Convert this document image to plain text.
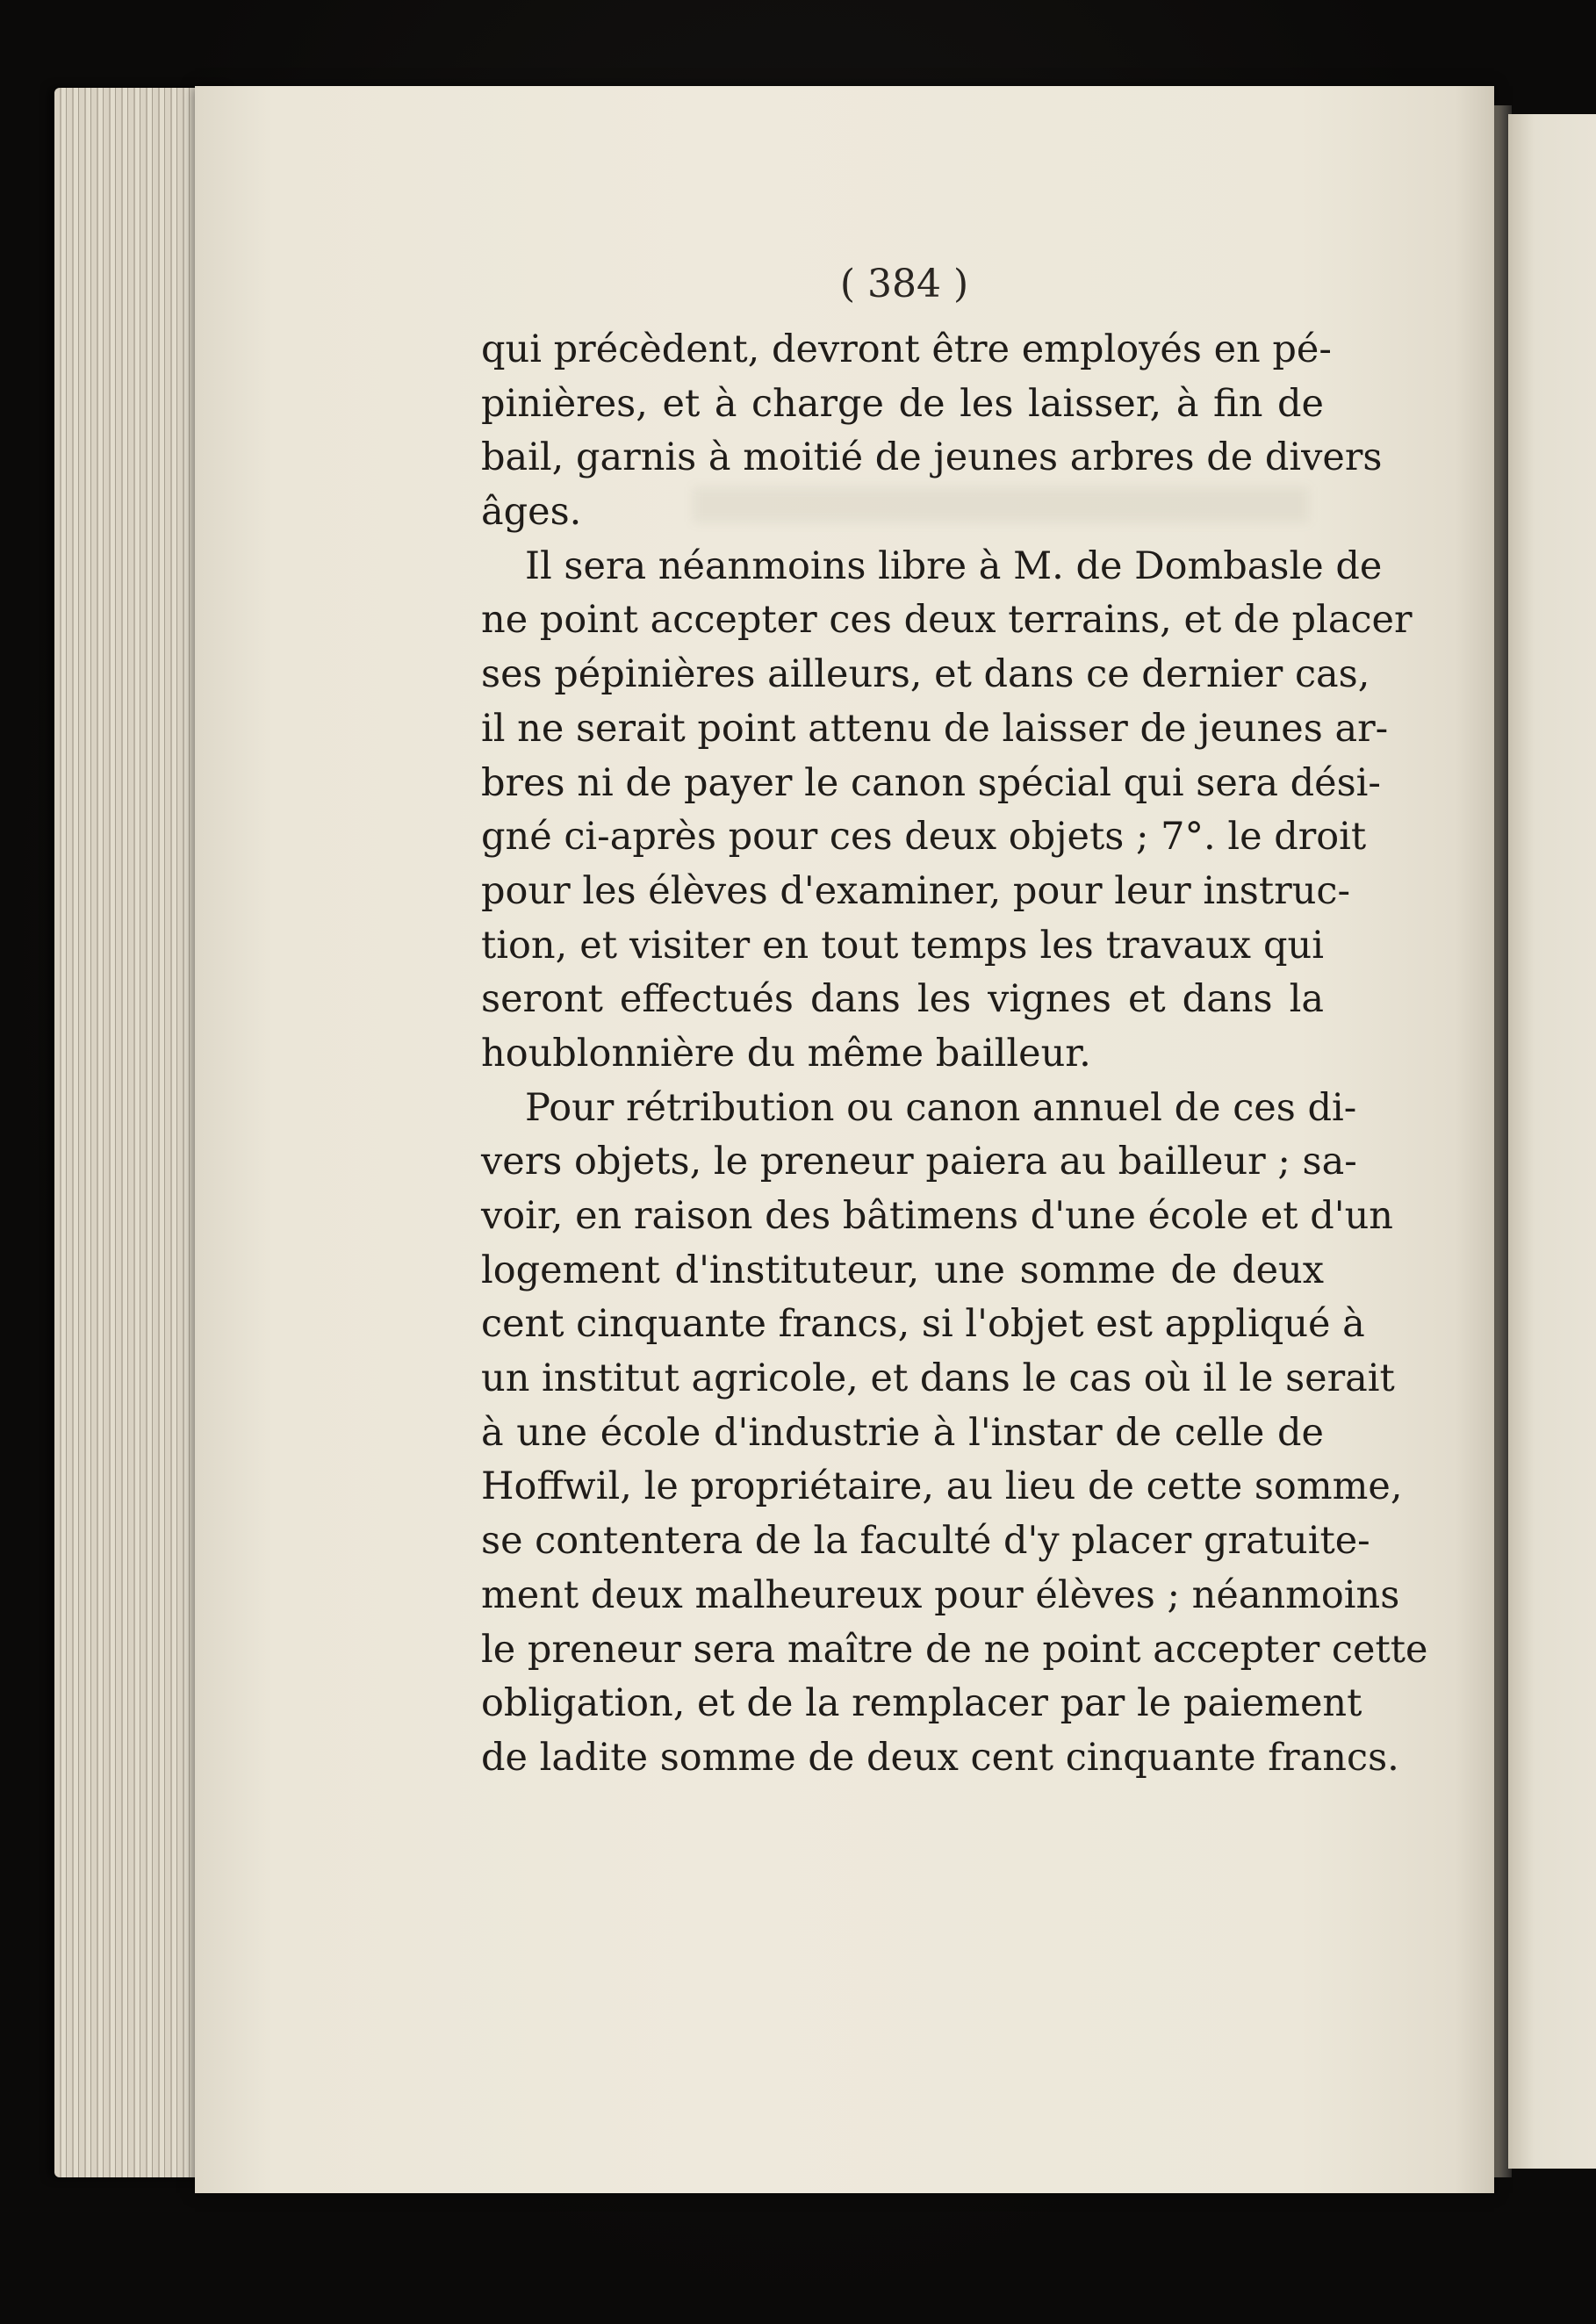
( 384 )
qui précèdent, devront être employés en pé-
pinières, et à charge de les laisser, à fin de
bail, garnis à moitié de jeunes arbres de divers
âges.
Il sera néanmoins libre à M. de Dombasle de
ne point accepter ces deux terrains, et de placer
ses pépinières ailleurs, et dans ce dernier cas,
il ne serait point attenu de laisser de jeunes ar-
bres ni de payer le canon spécial qui sera dési-
gné ci-après pour ces deux objets ; 7°. le droit
pour les élèves d'examiner, pour leur instruc-
tion, et visiter en tout temps les travaux qui
seront effectués dans les vignes et dans la
houblonnière du même bailleur.
Pour rétribution ou canon annuel de ces di-
vers objets, le preneur paiera au bailleur ; sa-
voir, en raison des bâtimens d'une école et d'un
logement d'instituteur, une somme de deux
cent cinquante francs, si l'objet est appliqué à
un institut agricole, et dans le cas où il le serait
à une école d'industrie à l'instar de celle de
Hoffwil, le propriétaire, au lieu de cette somme,
se contentera de la faculté d'y placer gratuite-
ment deux malheureux pour élèves ; néanmoins
le preneur sera maître de ne point accepter cette
obligation, et de la remplacer par le paiement
de ladite somme de deux cent cinquante francs.
